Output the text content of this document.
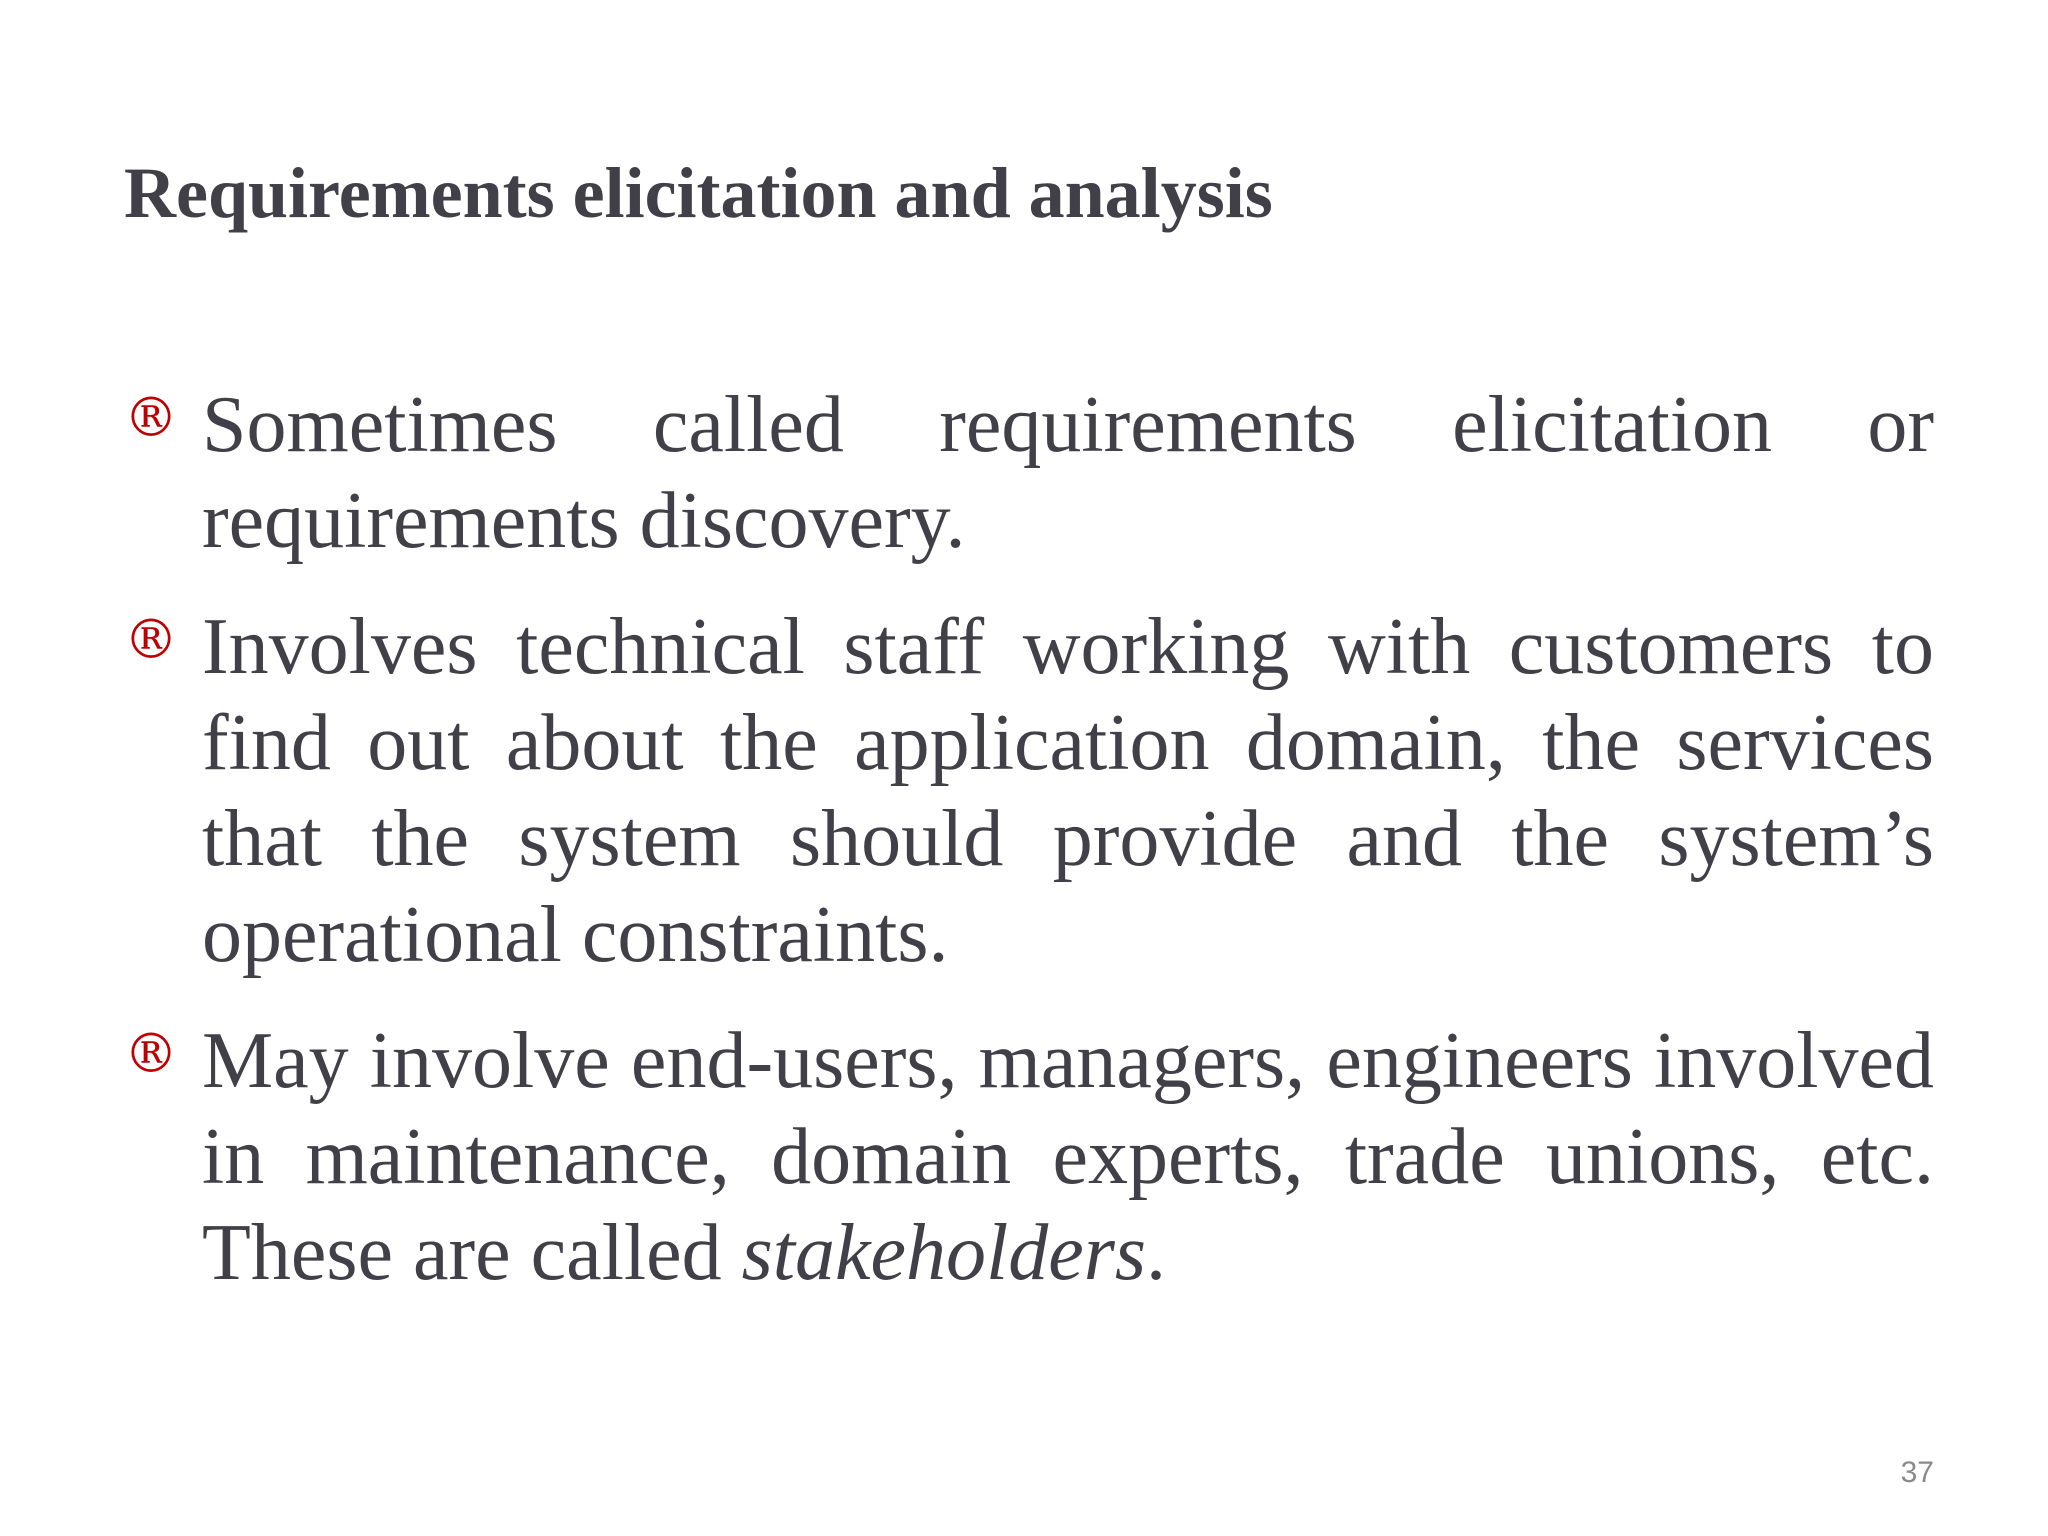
Requirements elicitation and analysis
® Sometimes called requirements elicitation or requirements discovery.
® Involves technical staff working with customers to find out about the application domain, the services that the system should provide and the system’s operational constraints.
® May involve end-users, managers, engineers involved in maintenance, domain experts, trade unions, etc. These are called stakeholders.
37
